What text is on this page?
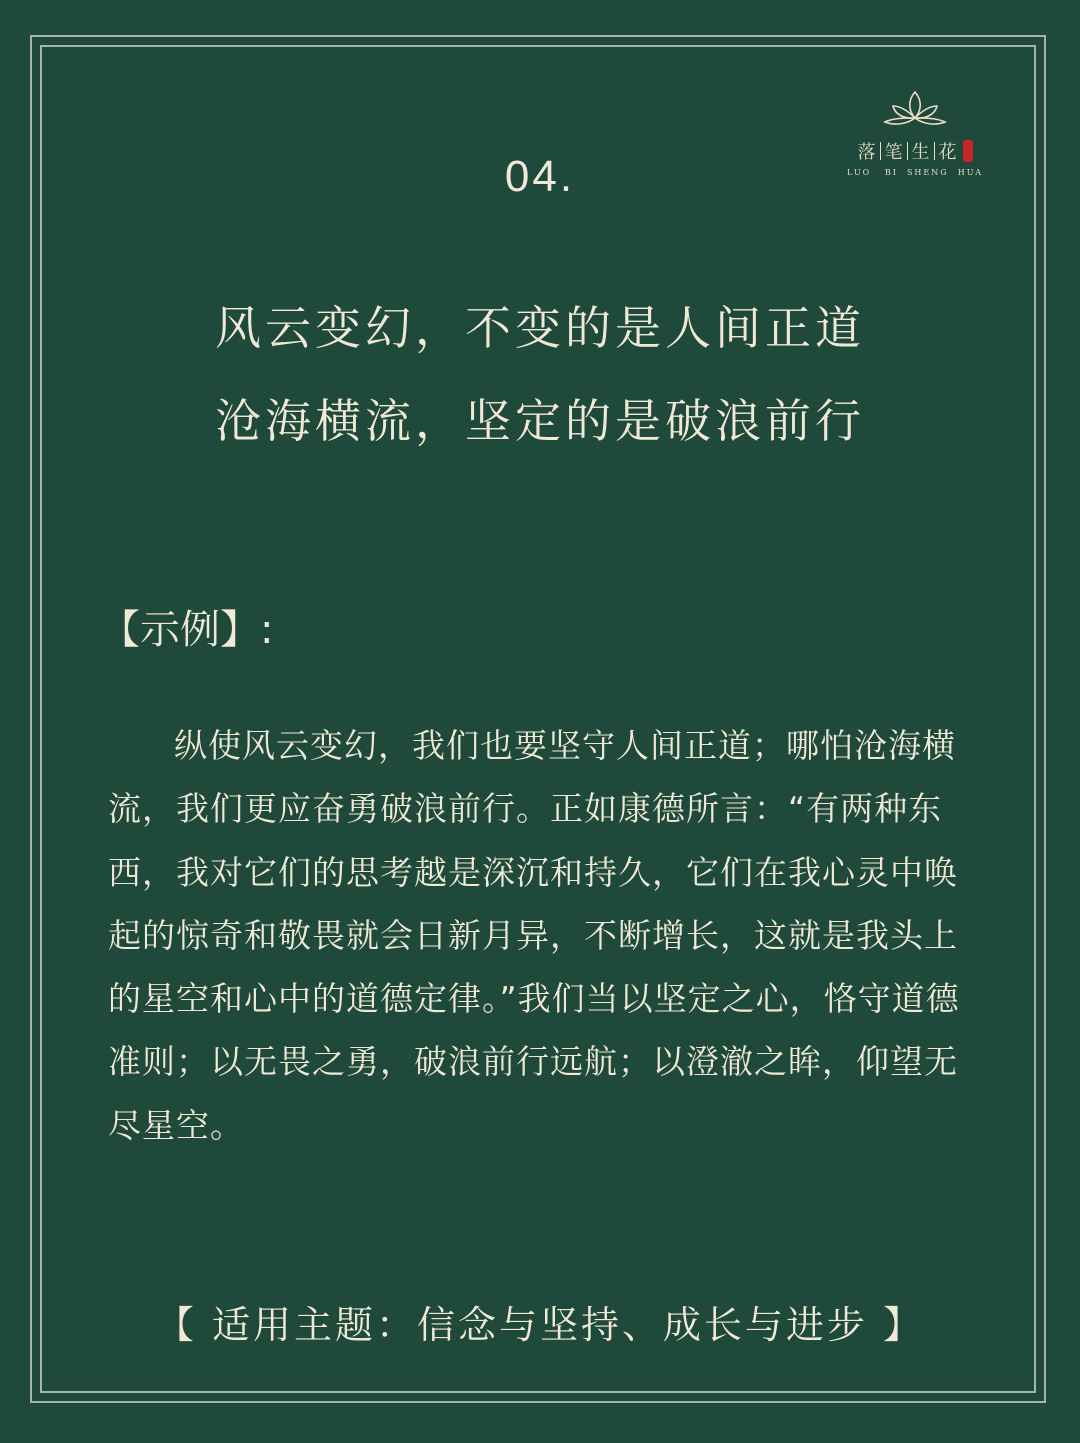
落 笔 生 花
LUO   BI  SHENG  HUA
04.
风云变幻，不变的是人间正道
沧海横流，坚定的是破浪前行
【示例】:
纵使风云变幻，我们也要坚守人间正道；哪怕沧海横流，我们更应奋勇破浪前行。正如康德所言：“有两种东西，我对它们的思考越是深沉和持久，它们在我心灵中唤起的惊奇和敬畏就会日新月异，不断增长，这就是我头上的星空和心中的道德定律。”我们当以坚定之心，恪守道德准则；以无畏之勇，破浪前行远航；以澄澈之眸，仰望无尽星空。
【 适用主题：信念与坚持、成长与进步 】
